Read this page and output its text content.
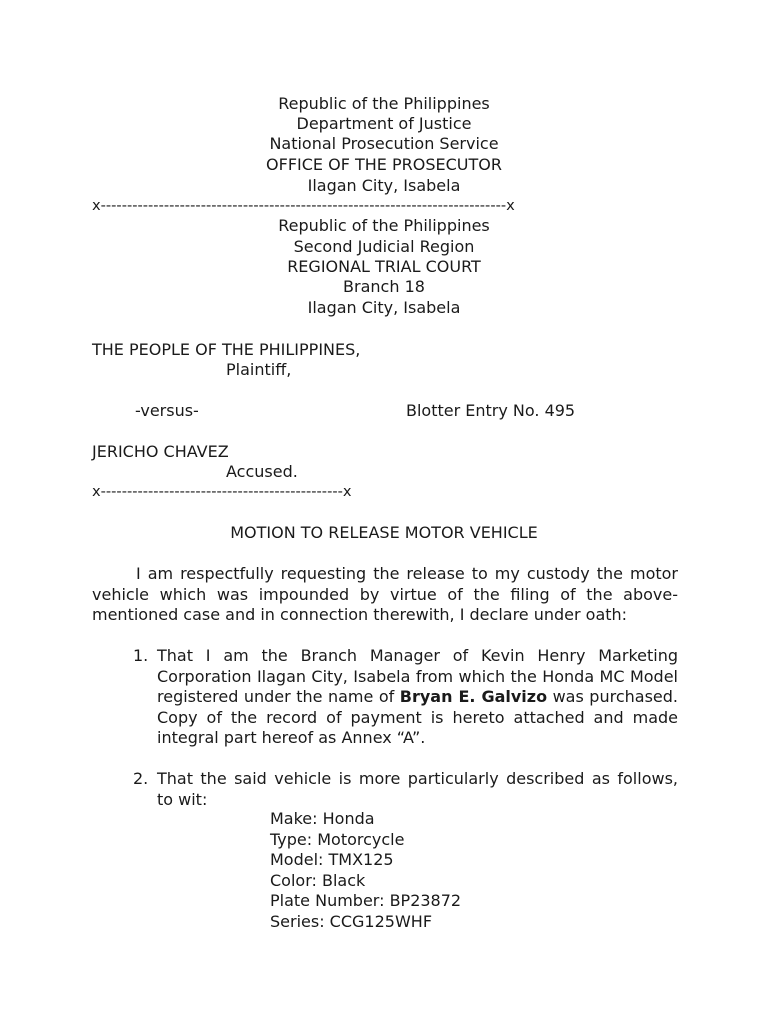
Republic of the Philippines
Department of Justice
National Prosecution Service
OFFICE OF THE PROSECUTOR
Ilagan City, Isabela
x-----------------------------------------------------------------------------x
Republic of the Philippines
Second Judicial Region
REGIONAL TRIAL COURT
Branch 18
Ilagan City, Isabela
THE PEOPLE OF THE PHILIPPINES,
Plaintiff,
-versus-	Blotter Entry No. 495
JERICHO CHAVEZ
Accused.
x----------------------------------------------x
MOTION TO RELEASE MOTOR VEHICLE

I am respectfully requesting the release to my custody the motor vehicle which was impounded by virtue of the filing of the above-mentioned case and in connection therewith, I declare under oath:

1. That I am the Branch Manager of Kevin Henry Marketing Corporation Ilagan City, Isabela from which the Honda MC Model registered under the name of Bryan E. Galvizo was purchased. Copy of the record of payment is hereto attached and made integral part hereof as Annex “A”.
2. That the said vehicle is more particularly described as follows, to wit:
Make: Honda
Type: Motorcycle
Model: TMX125
Color: Black
Plate Number: BP23872
Series: CCG125WHF
